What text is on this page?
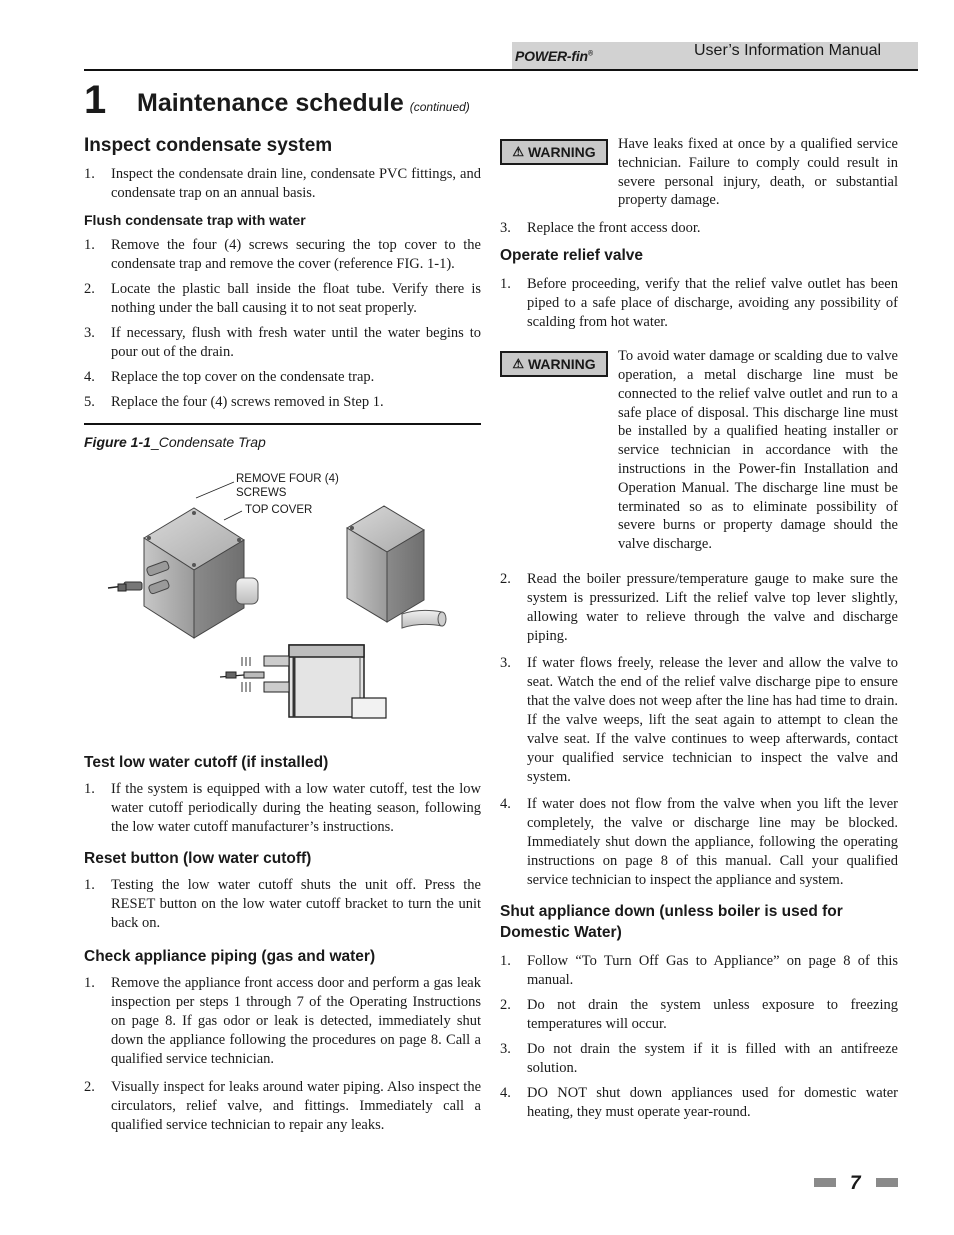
POWER-fin®	User’s Information Manual
1 Maintenance schedule (continued)
Inspect condensate system
1. Inspect the condensate drain line, condensate PVC fittings, and condensate trap on an annual basis.
Flush condensate trap with water
1. Remove the four (4) screws securing the top cover to the condensate trap and remove the cover (reference FIG. 1-1).
2. Locate the plastic ball inside the float tube. Verify there is nothing under the ball causing it to not seat properly.
3. If necessary, flush with fresh water until the water begins to pour out of the drain.
4. Replace the top cover on the condensate trap.
5. Replace the four (4) screws removed in Step 1.
Figure 1-1_Condensate Trap
REMOVE FOUR (4)
SCREWS
TOP COVER
Test low water cutoff (if installed)
1. If the system is equipped with a low water cutoff, test the low water cutoff periodically during the heating season, following the low water cutoff manufacturer’s instructions.
Reset button (low water cutoff)
1. Testing the low water cutoff shuts the unit off. Press the RESET button on the low water cutoff bracket to turn the unit back on.
Check appliance piping (gas and water)
1. Remove the appliance front access door and perform a gas leak inspection per steps 1 through 7 of the Operating Instructions on page 8. If gas odor or leak is detected, immediately shut down the appliance following the procedures on page 8. Call a qualified service technician.
2. Visually inspect for leaks around water piping. Also inspect the circulators, relief valve, and fittings. Immediately call a qualified service technician to repair any leaks.
⚠ WARNING Have leaks fixed at once by a qualified service technician. Failure to comply could result in severe personal injury, death, or substantial property damage.
3. Replace the front access door.
Operate relief valve
1. Before proceeding, verify that the relief valve outlet has been piped to a safe place of discharge, avoiding any possibility of scalding from hot water.
⚠ WARNING To avoid water damage or scalding due to valve operation, a metal discharge line must be connected to the relief valve outlet and run to a safe place of disposal. This discharge line must be installed by a qualified heating installer or service technician in accordance with the instructions in the Power-fin Installation and Operation Manual. The discharge line must be terminated so as to eliminate possibility of severe burns or property damage should the valve discharge.
2. Read the boiler pressure/temperature gauge to make sure the system is pressurized. Lift the relief valve top lever slightly, allowing water to relieve through the valve and discharge piping.
3. If water flows freely, release the lever and allow the valve to seat. Watch the end of the relief valve discharge pipe to ensure that the valve does not weep after the line has had time to drain. If the valve weeps, lift the seat again to attempt to clean the valve seat. If the valve continues to weep afterwards, contact your qualified service technician to inspect the valve and system.
4. If water does not flow from the valve when you lift the lever completely, the valve or discharge line may be blocked. Immediately shut down the appliance, following the operating instructions on page 8 of this manual. Call your qualified service technician to inspect the appliance and system.
Shut appliance down (unless boiler is used for Domestic Water)
1. Follow “To Turn Off Gas to Appliance” on page 8 of this manual.
2. Do not drain the system unless exposure to freezing temperatures will occur.
3. Do not drain the system if it is filled with an antifreeze solution.
4. DO NOT shut down appliances used for domestic water heating, they must operate year-round.
7
